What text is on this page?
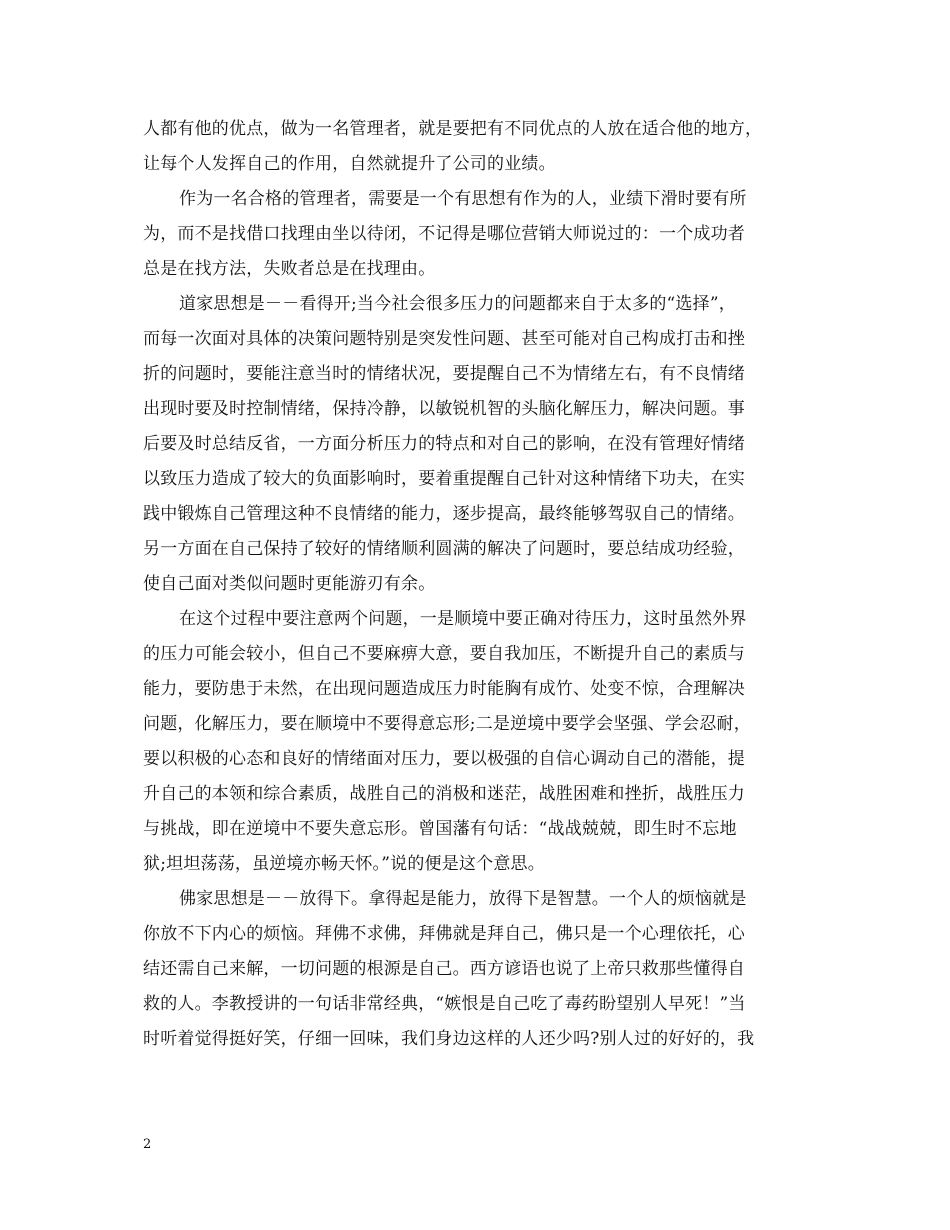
人都有他的优点，做为一名管理者，就是要把有不同优点的人放在适合他的地方，
让每个人发挥自己的作用，自然就提升了公司的业绩。
作为一名合格的管理者，需要是一个有思想有作为的人，业绩下滑时要有所
为，而不是找借口找理由坐以待闭，不记得是哪位营销大师说过的：一个成功者
总是在找方法，失败者总是在找理由。
道家思想是－－看得开;当今社会很多压力的问题都来自于太多的“选择”，
而每一次面对具体的决策问题特别是突发性问题、甚至可能对自己构成打击和挫
折的问题时，要能注意当时的情绪状况，要提醒自己不为情绪左右，有不良情绪
出现时要及时控制情绪，保持冷静，以敏锐机智的头脑化解压力，解决问题。事
后要及时总结反省，一方面分析压力的特点和对自己的影响，在没有管理好情绪
以致压力造成了较大的负面影响时，要着重提醒自己针对这种情绪下功夫，在实
践中锻炼自己管理这种不良情绪的能力，逐步提高，最终能够驾驭自己的情绪。
另一方面在自己保持了较好的情绪顺利圆满的解决了问题时，要总结成功经验，
使自己面对类似问题时更能游刃有余。
在这个过程中要注意两个问题，一是顺境中要正确对待压力，这时虽然外界
的压力可能会较小，但自己不要麻痹大意，要自我加压，不断提升自己的素质与
能力，要防患于未然，在出现问题造成压力时能胸有成竹、处变不惊，合理解决
问题，化解压力，要在顺境中不要得意忘形;二是逆境中要学会坚强、学会忍耐，
要以积极的心态和良好的情绪面对压力，要以极强的自信心调动自己的潜能，提
升自己的本领和综合素质，战胜自己的消极和迷茫，战胜困难和挫折，战胜压力
与挑战，即在逆境中不要失意忘形。曾国藩有句话：“战战兢兢，即生时不忘地
狱;坦坦荡荡，虽逆境亦畅天怀。”说的便是这个意思。
佛家思想是－－放得下。拿得起是能力，放得下是智慧。一个人的烦恼就是
你放不下内心的烦恼。拜佛不求佛，拜佛就是拜自己，佛只是一个心理依托，心
结还需自己来解，一切问题的根源是自己。西方谚语也说了上帝只救那些懂得自
救的人。李教授讲的一句话非常经典，“嫉恨是自己吃了毒药盼望别人早死！”当
时听着觉得挺好笑，仔细一回味，我们身边这样的人还少吗?别人过的好好的，我
2
